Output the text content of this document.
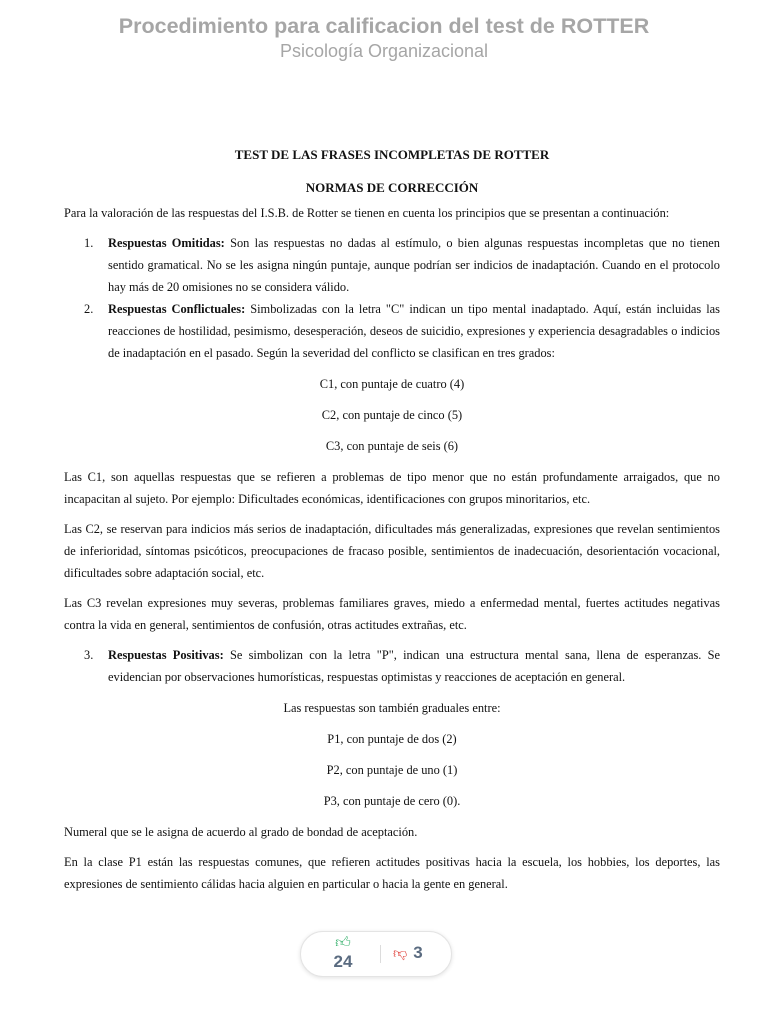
Procedimiento para calificacion del test de ROTTER
Psicología Organizacional
TEST DE LAS FRASES INCOMPLETAS DE ROTTER
NORMAS DE CORRECCIÓN

Para la valoración de las respuestas del I.S.B. de Rotter se tienen en cuenta los principios que se presentan a continuación:

1. Respuestas Omitidas: Son las respuestas no dadas al estímulo, o bien algunas respuestas incompletas que no tienen sentido gramatical. No se les asigna ningún puntaje, aunque podrían ser indicios de inadaptación. Cuando en el protocolo hay más de 20 omisiones no se considera válido.
2. Respuestas Conflictuales: Simbolizadas con la letra "C" indican un tipo mental inadaptado. Aquí, están incluidas las reacciones de hostilidad, pesimismo, desesperación, deseos de suicidio, expresiones y experiencia desagradables o indicios de inadaptación en el pasado. Según la severidad del conflicto se clasifican en tres grados:
C1, con puntaje de cuatro (4)
C2, con puntaje de cinco (5)
C3, con puntaje de seis (6)

Las C1, son aquellas respuestas que se refieren a problemas de tipo menor que no están profundamente arraigados, que no incapacitan al sujeto. Por ejemplo: Dificultades económicas, identificaciones con grupos minoritarios, etc.

Las C2, se reservan para indicios más serios de inadaptación, dificultades más generalizadas, expresiones que revelan sentimientos de inferioridad, síntomas psicóticos, preocupaciones de fracaso posible, sentimientos de inadecuación, desorientación vocacional, dificultades sobre adaptación social, etc.

Las C3 revelan expresiones muy severas, problemas familiares graves, miedo a enfermedad mental, fuertes actitudes negativas contra la vida en general, sentimientos de confusión, otras actitudes extrañas, etc.

3. Respuestas Positivas: Se simbolizan con la letra "P", indican una estructura mental sana, llena de esperanzas. Se evidencian por observaciones humorísticas, respuestas optimistas y reacciones de aceptación en general.
Las respuestas son también graduales entre:
P1, con puntaje de dos (2)
P2, con puntaje de uno (1)
P3, con puntaje de cero (0).

Numeral que se le asigna de acuerdo al grado de bondad de aceptación.

En la clase P1 están las respuestas comunes, que refieren actitudes positivas hacia la escuela, los hobbies, los deportes, las expresiones de sentimiento cálidas hacia alguien en particular o hacia la gente en general.

👍︎
24	👎︎ 3
